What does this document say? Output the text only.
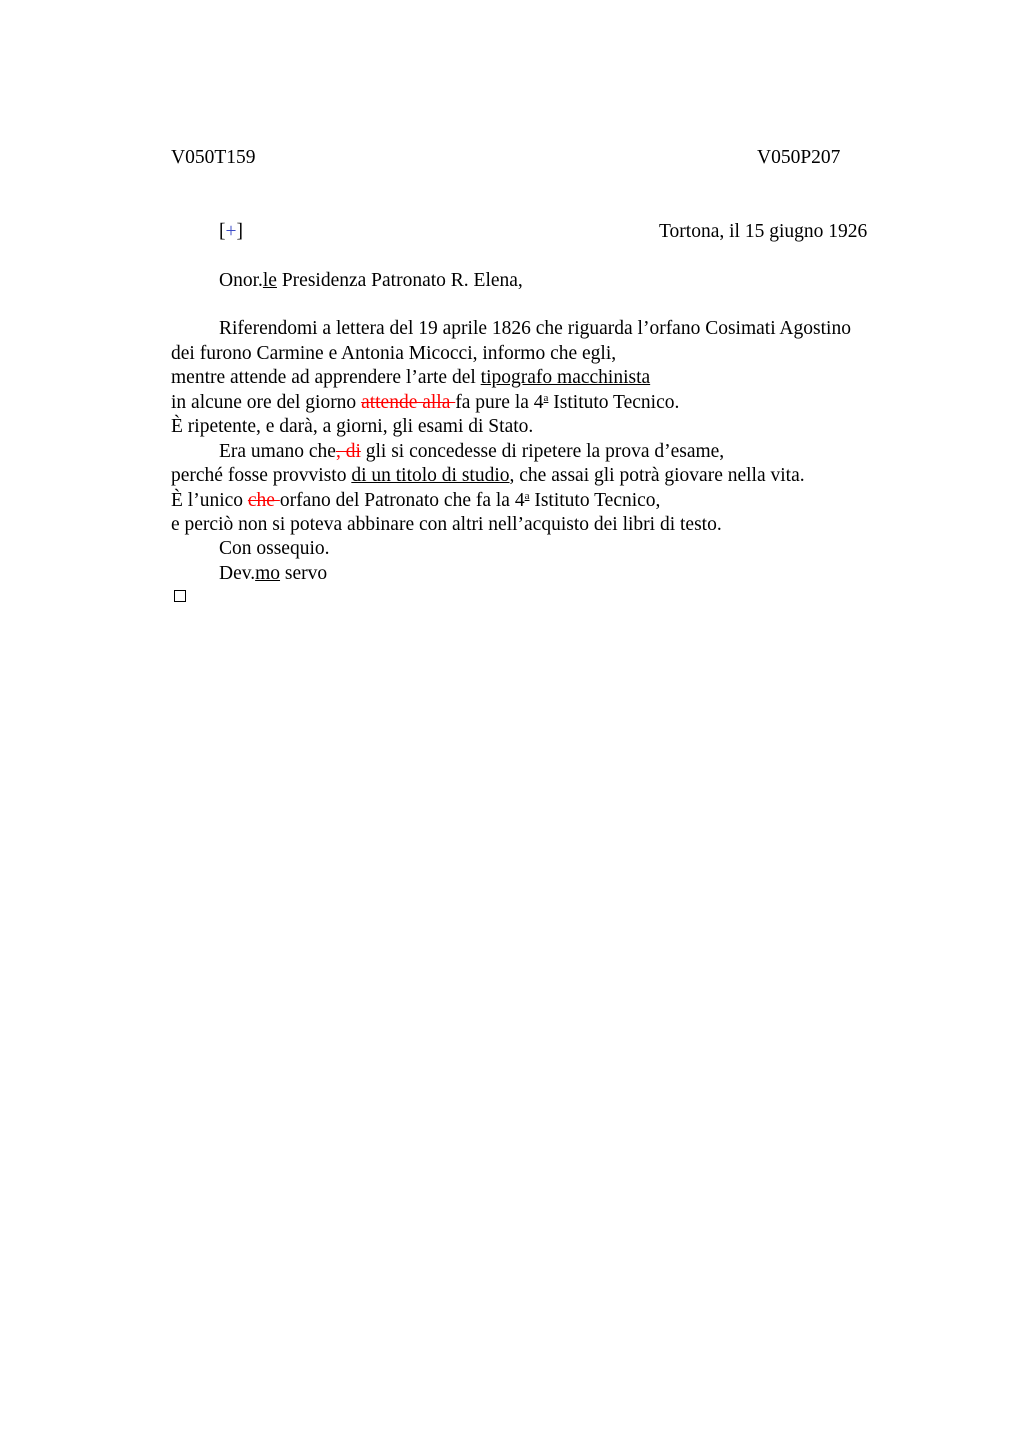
V050T159	V050P207
[+]	Tortona, il 15 giugno 1926
Onor.le Presidenza Patronato R. Elena,
Riferendomi a lettera del 19 aprile 1826 che riguarda l’orfano Cosimati Agostino
dei furono Carmine e Antonia Micocci, informo che egli,
mentre attende ad apprendere l’arte del tipografo macchinista
in alcune ore del giorno attende alla fa pure la 4$^a$ Istituto Tecnico.
È ripetente, e darà, a giorni, gli esami di Stato.
Era umano che, di gli si concedesse di ripetere la prova d’esame,
perché fosse provvisto di un titolo di studio, che assai gli potrà giovare nella vita.
È l’unico che orfano del Patronato che fa la 4$^a$ Istituto Tecnico,
e perciò non si poteva abbinare con altri nell’acquisto dei libri di testo.
Con ossequio.
Dev.mo servo
